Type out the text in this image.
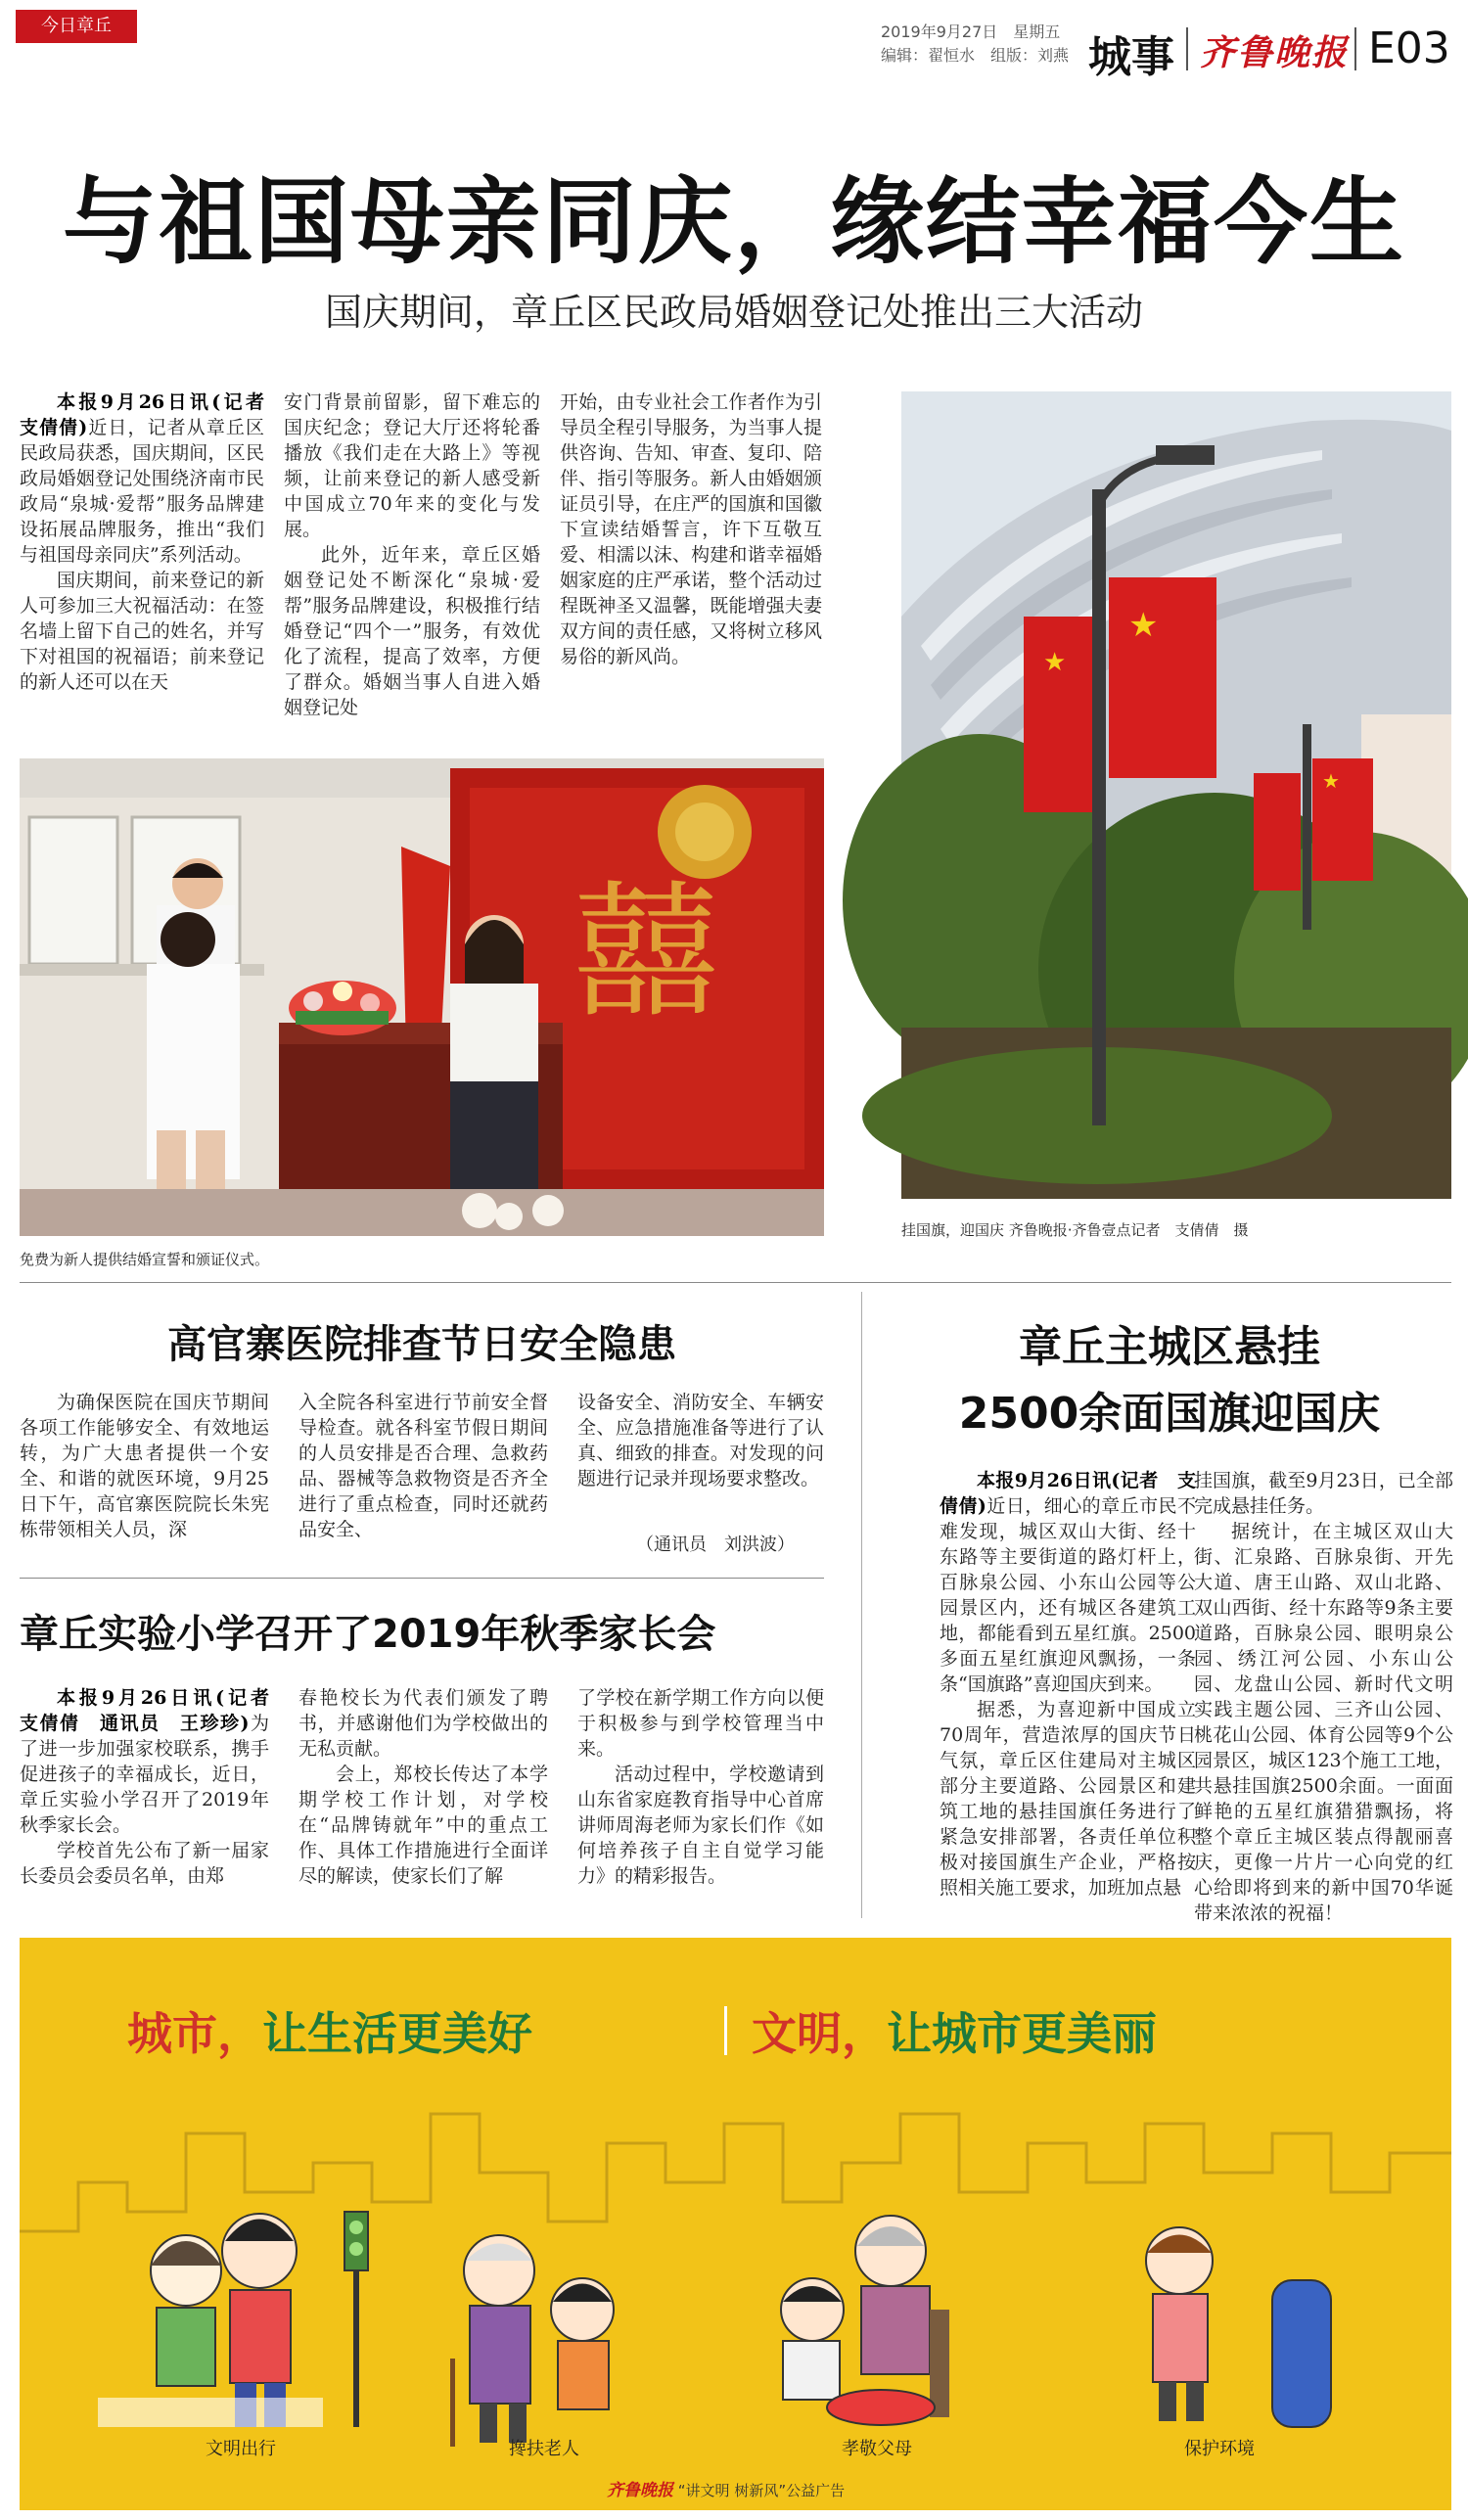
今日章丘	2019年9月27日　星期五
编辑：翟恒水　组版：刘燕 城事 齐鲁晚报 E03
与祖国母亲同庆，缘结幸福今生
国庆期间，章丘区民政局婚姻登记处推出三大活动

本报9月26日讯(记者　支倩倩)近日，记者从章丘区民政局获悉，国庆期间，区民政局婚姻登记处围绕济南市民政局“泉城·爱帮”服务品牌建设拓展品牌服务，推出“我们与祖国母亲同庆”系列活动。

国庆期间，前来登记的新人可参加三大祝福活动：在签名墙上留下自己的姓名，并写下对祖国的祝福语；前来登记的新人还可以在天

安门背景前留影，留下难忘的国庆纪念；登记大厅还将轮番播放《我们走在大路上》等视频，让前来登记的新人感受新中国成立70年来的变化与发展。

此外，近年来，章丘区婚姻登记处不断深化“泉城·爱帮”服务品牌建设，积极推行结婚登记“四个一”服务，有效优化了流程，提高了效率，方便了群众。婚姻当事人自进入婚姻登记处

开始，由专业社会工作者作为引导员全程引导服务，为当事人提供咨询、告知、审查、复印、陪伴、指引等服务。新人由婚姻颁证员引导，在庄严的国旗和国徽下宣读结婚誓言，许下互敬互爱、相濡以沫、构建和谐幸福婚姻家庭的庄严承诺，整个活动过程既神圣又温馨，既能增强夫妻双方间的责任感，又将树立移风易俗的新风尚。

囍
免费为新人提供结婚宣誓和颁证仪式。
★
★
★
挂国旗，迎国庆 齐鲁晚报·齐鲁壹点记者　支倩倩　摄
高官寨医院排查节日安全隐患

为确保医院在国庆节期间各项工作能够安全、有效地运转，为广大患者提供一个安全、和谐的就医环境，9月25日下午，高官寨医院院长朱宪栋带领相关人员，深

入全院各科室进行节前安全督导检查。就各科室节假日期间的人员安排是否合理、急救药品、器械等急救物资是否齐全进行了重点检查，同时还就药品安全、

设备安全、消防安全、车辆安全、应急措施准备等进行了认真、细致的排查。对发现的问题进行记录并现场要求整改。

（通讯员　刘洪波）
章丘实验小学召开了2019年秋季家长会

本报9月26日讯(记者　支倩倩　通讯员　王珍珍)为了进一步加强家校联系，携手促进孩子的幸福成长，近日，章丘实验小学召开了2019年秋季家长会。

学校首先公布了新一届家长委员会委员名单，由郑

春艳校长为代表们颁发了聘书，并感谢他们为学校做出的无私贡献。

会上，郑校长传达了本学期学校工作计划，对学校在“品牌铸就年”中的重点工作、具体工作措施进行全面详尽的解读，使家长们了解

了学校在新学期工作方向以便于积极参与到学校管理当中来。

活动过程中，学校邀请到山东省家庭教育指导中心首席讲师周海老师为家长们作《如何培养孩子自主自觉学习能力》的精彩报告。

章丘主城区悬挂
2500余面国旗迎国庆

本报9月26日讯(记者　支倩倩)近日，细心的章丘市民不难发现，城区双山大街、经十东路等主要街道的路灯杆上，百脉泉公园、小东山公园等公园景区内，还有城区各建筑工地，都能看到五星红旗。2500多面五星红旗迎风飘扬，一条条“国旗路”喜迎国庆到来。

据悉，为喜迎新中国成立70周年，营造浓厚的国庆节日气氛，章丘区住建局对主城区部分主要道路、公园景区和建筑工地的悬挂国旗任务进行了紧急安排部署，各责任单位积极对接国旗生产企业，严格按照相关施工要求，加班加点悬

挂国旗，截至9月23日，已全部完成悬挂任务。

据统计，在主城区双山大街、汇泉路、百脉泉街、开先大道、唐王山路、双山北路、双山西街、经十东路等9条主要道路，百脉泉公园、眼明泉公园、绣江河公园、小东山公园、龙盘山公园、新时代文明实践主题公园、三齐山公园、桃花山公园、体育公园等9个公园景区，城区123个施工工地，共悬挂国旗2500余面。一面面鲜艳的五星红旗猎猎飘扬，将整个章丘主城区装点得靓丽喜庆，更像一片片一心向党的红心给即将到来的新中国70华诞带来浓浓的祝福！

城市，让生活更美好	文明，让城市更美丽
文明出行	搀扶老人	孝敬父母	保护环境
齐鲁晚报 “讲文明 树新风”公益广告
